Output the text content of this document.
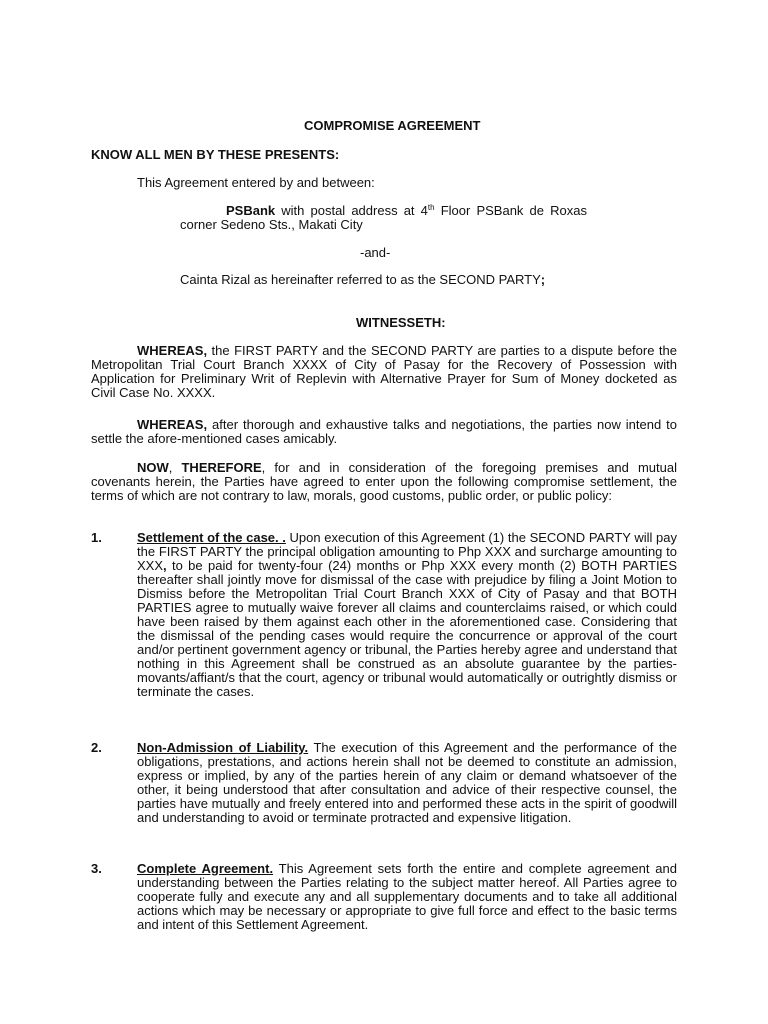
COMPROMISE AGREEMENT
KNOW ALL MEN BY THESE PRESENTS:
This Agreement entered by and between:
PSBank with postal address at 4th Floor PSBank de Roxas corner Sedeno Sts., Makati City
-and-
Cainta Rizal as hereinafter referred to as the SECOND PARTY;
WITNESSETH:
WHEREAS, the FIRST PARTY and the SECOND PARTY are parties to a dispute before the Metropolitan Trial Court Branch XXXX of City of Pasay for the Recovery of Possession with Application for Preliminary Writ of Replevin with Alternative Prayer for Sum of Money docketed as Civil Case No. XXXX.
WHEREAS, after thorough and exhaustive talks and negotiations, the parties now intend to settle the afore-mentioned cases amicably.
NOW, THEREFORE, for and in consideration of the foregoing premises and mutual covenants herein, the Parties have agreed to enter upon the following compromise settlement, the terms of which are not contrary to law, morals, good customs, public order, or public policy:
1.	Settlement of the case. . Upon execution of this Agreement (1) the SECOND PARTY will pay the FIRST PARTY the principal obligation amounting to Php XXX and surcharge amounting to XXX, to be paid for twenty-four (24) months or Php XXX every month (2) BOTH PARTIES thereafter shall jointly move for dismissal of the case with prejudice by filing a Joint Motion to Dismiss before the Metropolitan Trial Court Branch XXX of City of Pasay and that BOTH PARTIES agree to mutually waive forever all claims and counterclaims raised, or which could have been raised by them against each other in the aforementioned case. Considering that the dismissal of the pending cases would require the concurrence or approval of the court and/or pertinent government agency or tribunal, the Parties hereby agree and understand that nothing in this Agreement shall be construed as an absolute guarantee by the parties-movants/affiant/s that the court, agency or tribunal would automatically or outrightly dismiss or terminate the cases.
2.	Non-Admission of Liability. The execution of this Agreement and the performance of the obligations, prestations, and actions herein shall not be deemed to constitute an admission, express or implied, by any of the parties herein of any claim or demand whatsoever of the other, it being understood that after consultation and advice of their respective counsel, the parties have mutually and freely entered into and performed these acts in the spirit of goodwill and understanding to avoid or terminate protracted and expensive litigation.
3.	Complete Agreement. This Agreement sets forth the entire and complete agreement and understanding between the Parties relating to the subject matter hereof. All Parties agree to cooperate fully and execute any and all supplementary documents and to take all additional actions which may be necessary or appropriate to give full force and effect to the basic terms and intent of this Settlement Agreement.
